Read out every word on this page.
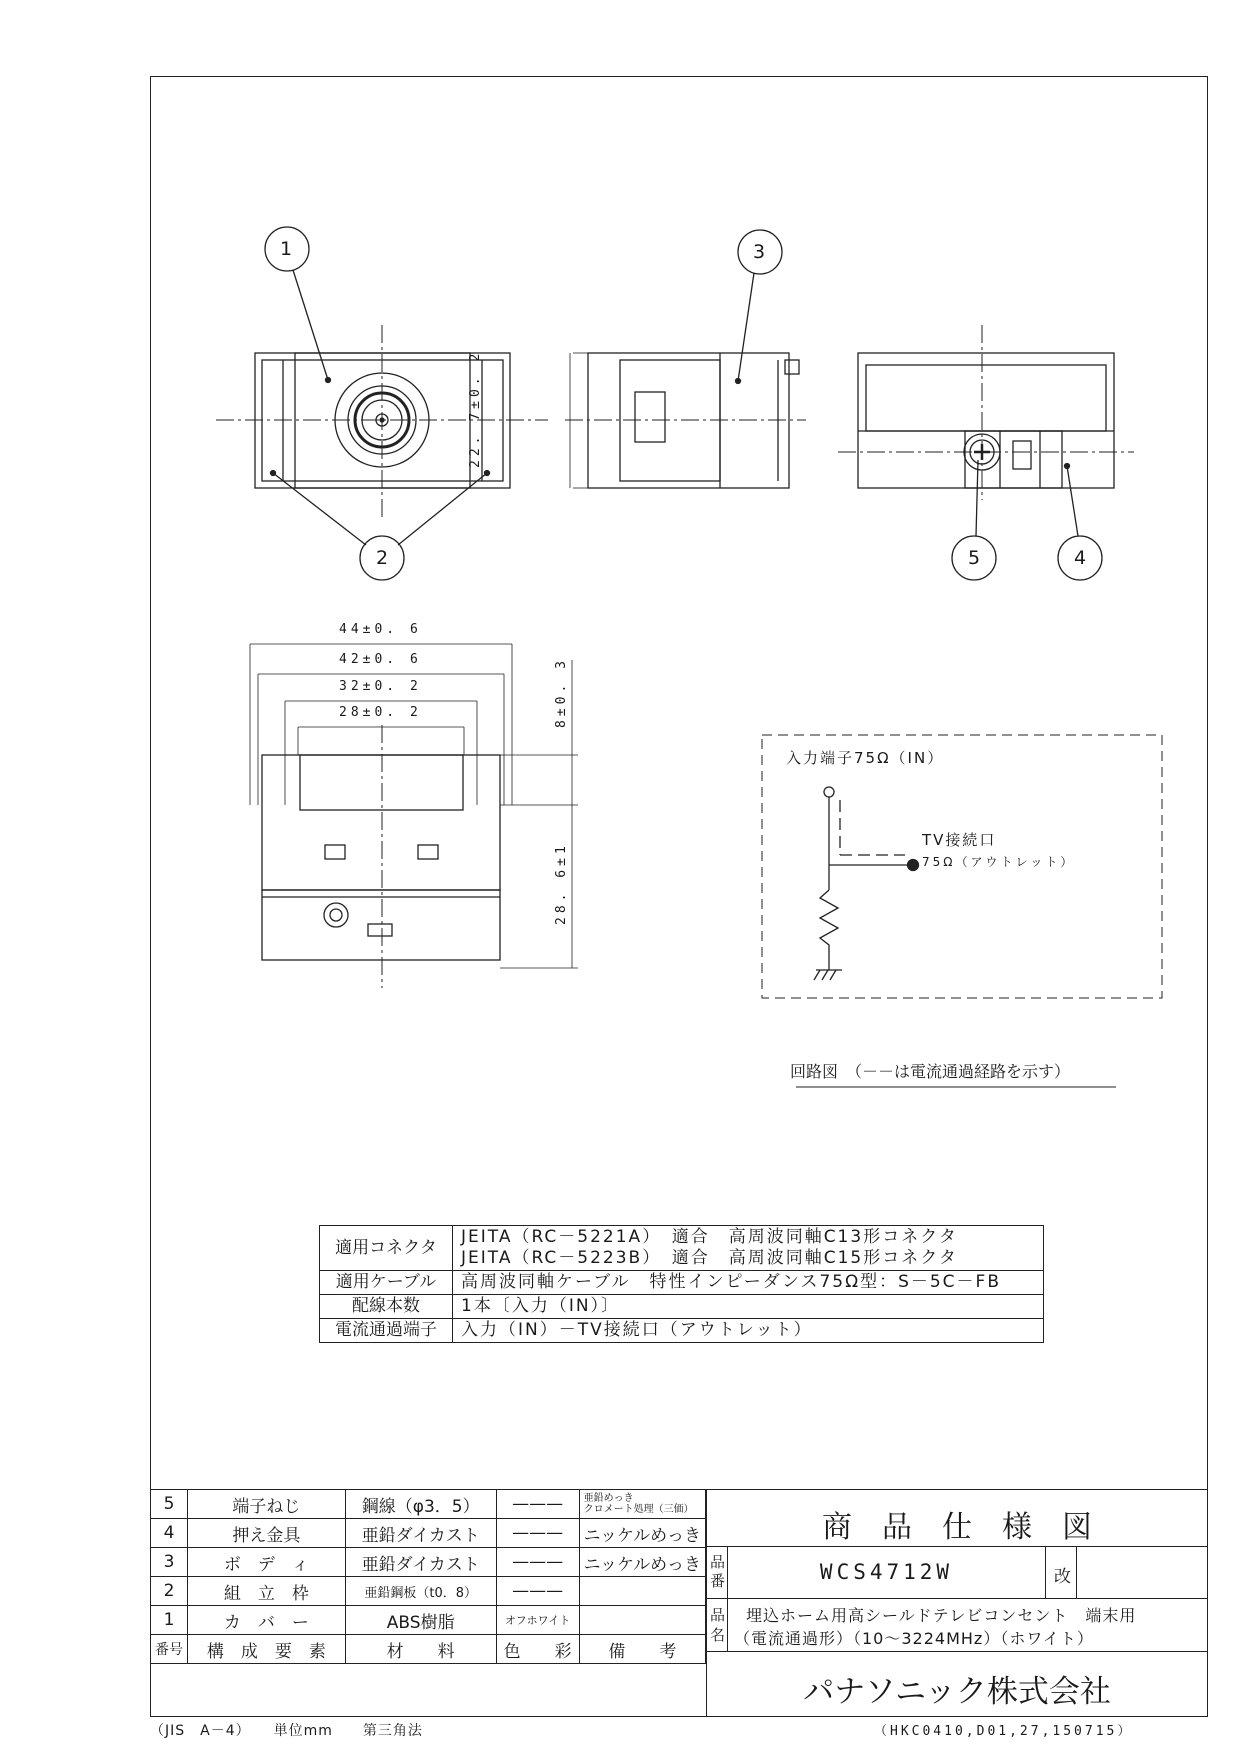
1
2
3
4
5
22. 7±0. 2
44±0. 6
42±0. 6
32±0. 2
28±0. 2	8±0. 3
28. 6±1
入力端子75Ω（IN）
TV接続口
75Ω（アウトレット）
回路図　（－－は電流通過経路を示す）
適用コネクタ	JEITA（RC－5221A）　適合　高周波同軸C13形コネクタ
JEITA（RC－5223B）　適合　高周波同軸C15形コネクタ

適用ケーブル	高周波同軸ケーブル　特性インピーダンス75Ω型：S－5C－FB
配線本数	1本〔入力（IN）〕
電流通過端子	入力（IN）－TV接続口（アウトレット）
5	端子ねじ	鋼線（φ3．5）	———	亜鉛めっき
クロメート処理（三価）
4	押え金具	亜鉛ダイカスト	———	ニッケルめっき
3	ボ　デ　ィ	亜鉛ダイカスト	———	ニッケルめっき
2	組　立　枠	亜鉛鋼板（t0．8）	———	
1	カ　バ　ー	ABS樹脂	オフホワイト	
番号	構　成　要　素	材　　料	色　　彩	備　　考
商　品　仕　様　図
品番	WCS4712W	改
品名
埋込ホーム用高シールドテレビコンセント　端末用
（電流通過形）（10～3224MHz）（ホワイト）
パナソニック株式会社
（JIS　A－4）　　単位mm　　第三角法	（HKC0410,D01,27,150715）
